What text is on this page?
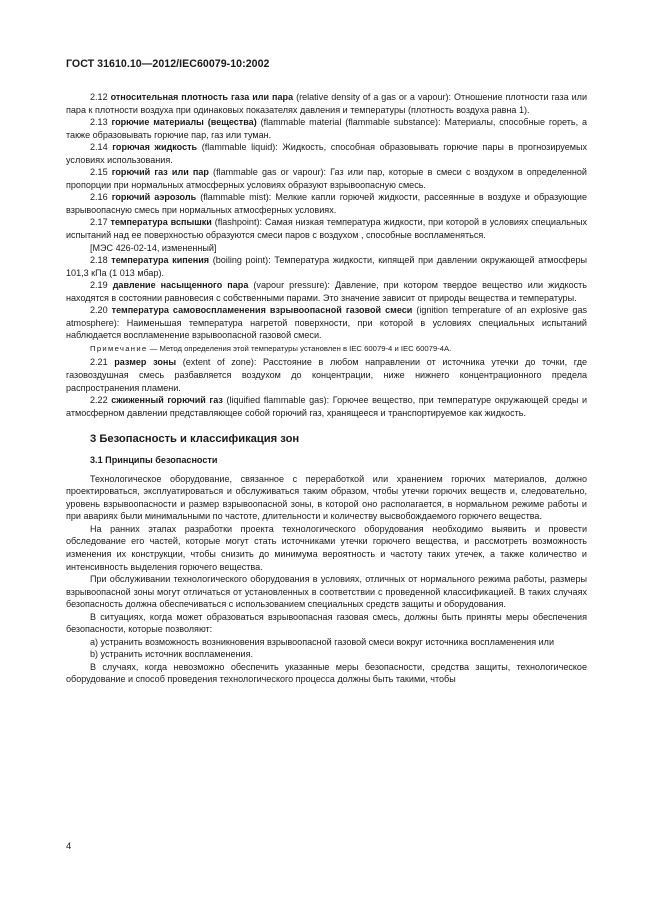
ГОСТ 31610.10—2012/IEC60079-10:2002

2.12 относительная плотность газа или пара (relative density of a gas or a vapour): Отношение плотности газа или пара к плотности воздуха при одинаковых показателях давления и температуры (плотность воздуха равна 1).

2.13 горючие материалы (вещества) (flammable material (flammable substance): Материалы, способные гореть, а также образовывать горючие пар, газ или туман.

2.14 горючая жидкость (flammable liquid): Жидкость, способная образовывать горючие пары в прогнозируемых условиях использования.

2.15 горючий газ или пар (flammable gas or vapour): Газ или пар, которые в смеси с воздухом в определенной пропорции при нормальных атмосферных условиях образуют взрывоопасную смесь.

2.16 горючий аэрозоль (flammable mist): Мелкие капли горючей жидкости, рассеянные в воздухе и образующие взрывоопасную смесь при нормальных атмосферных условиях.

2.17 температура вспышки (flashpoint): Самая низкая температура жидкости, при которой в условиях специальных испытаний над ее поверхностью образуются смеси паров с воздухом , способные воспламеняться.

[МЭС 426-02-14, измененный]

2.18 температура кипения (boiling point): Температура жидкости, кипящей при давлении окружающей атмосферы 101,3 кПа (1 013 мбар).

2.19 давление насыщенного пара (vapour pressure): Давление, при котором твердое вещество или жидкость находятся в состоянии равновесия с собственными парами. Это значение зависит от природы вещества и температуры.

2.20 температура самовоспламенения взрывоопасной газовой смеси (ignition temperature of an explosive gas atmosphere): Наименьшая температура нагретой поверхности, при которой в условиях специальных испытаний наблюдается воспламенение взрывоопасной газовой смеси.

Примечание — Метод определения этой температуры установлен в IEC 60079-4 и IEC 60079-4A.

2.21 размер зоны (extent of zone): Расстояние в любом направлении от источника утечки до точки, где газовоздушная смесь разбавляется воздухом до концентрации, ниже нижнего концентрационного предела распространения пламени.

2.22 сжиженный горючий газ (liquified flammable gas): Горючее вещество, при температуре окружающей среды и атмосферном давлении представляющее собой горючий газ, хранящееся и транспортируемое как жидкость.

3 Безопасность и классификация зон
3.1 Принципы безопасности

Технологическое оборудование, связанное с переработкой или хранением горючих материалов, должно проектироваться, эксплуатироваться и обслуживаться таким образом, чтобы утечки горючих веществ и, следовательно, уровень взрывоопасности и размер взрывоопасной зоны, в которой оно располагается, в нормальном режиме работы и при авариях были минимальными по частоте, длительности и количеству высвобождаемого горючего вещества.

На ранних этапах разработки проекта технологического оборудования необходимо выявить и провести обследование его частей, которые могут стать источниками утечки горючего вещества, и рассмотреть возможность изменения их конструкции, чтобы снизить до минимума вероятность и частоту таких утечек, а также количество и интенсивность выделения горючего вещества.

При обслуживании технологического оборудования в условиях, отличных от нормального режима работы, размеры взрывоопасной зоны могут отличаться от установленных в соответствии с проведенной классификацией. В таких случаях безопасность должна обеспечиваться с использованием специальных средств защиты и оборудования.

В ситуациях, когда может образоваться взрывоопасная газовая смесь, должны быть приняты меры обеспечения безопасности, которые позволяют:

а) устранить возможность возникновения взрывоопасной газовой смеси вокруг источника воспламенения или

b) устранить источник воспламенения.

В случаях, когда невозможно обеспечить указанные меры безопасности, средства защиты, технологическое оборудование и способ проведения технологического процесса должны быть такими, чтобы

4
